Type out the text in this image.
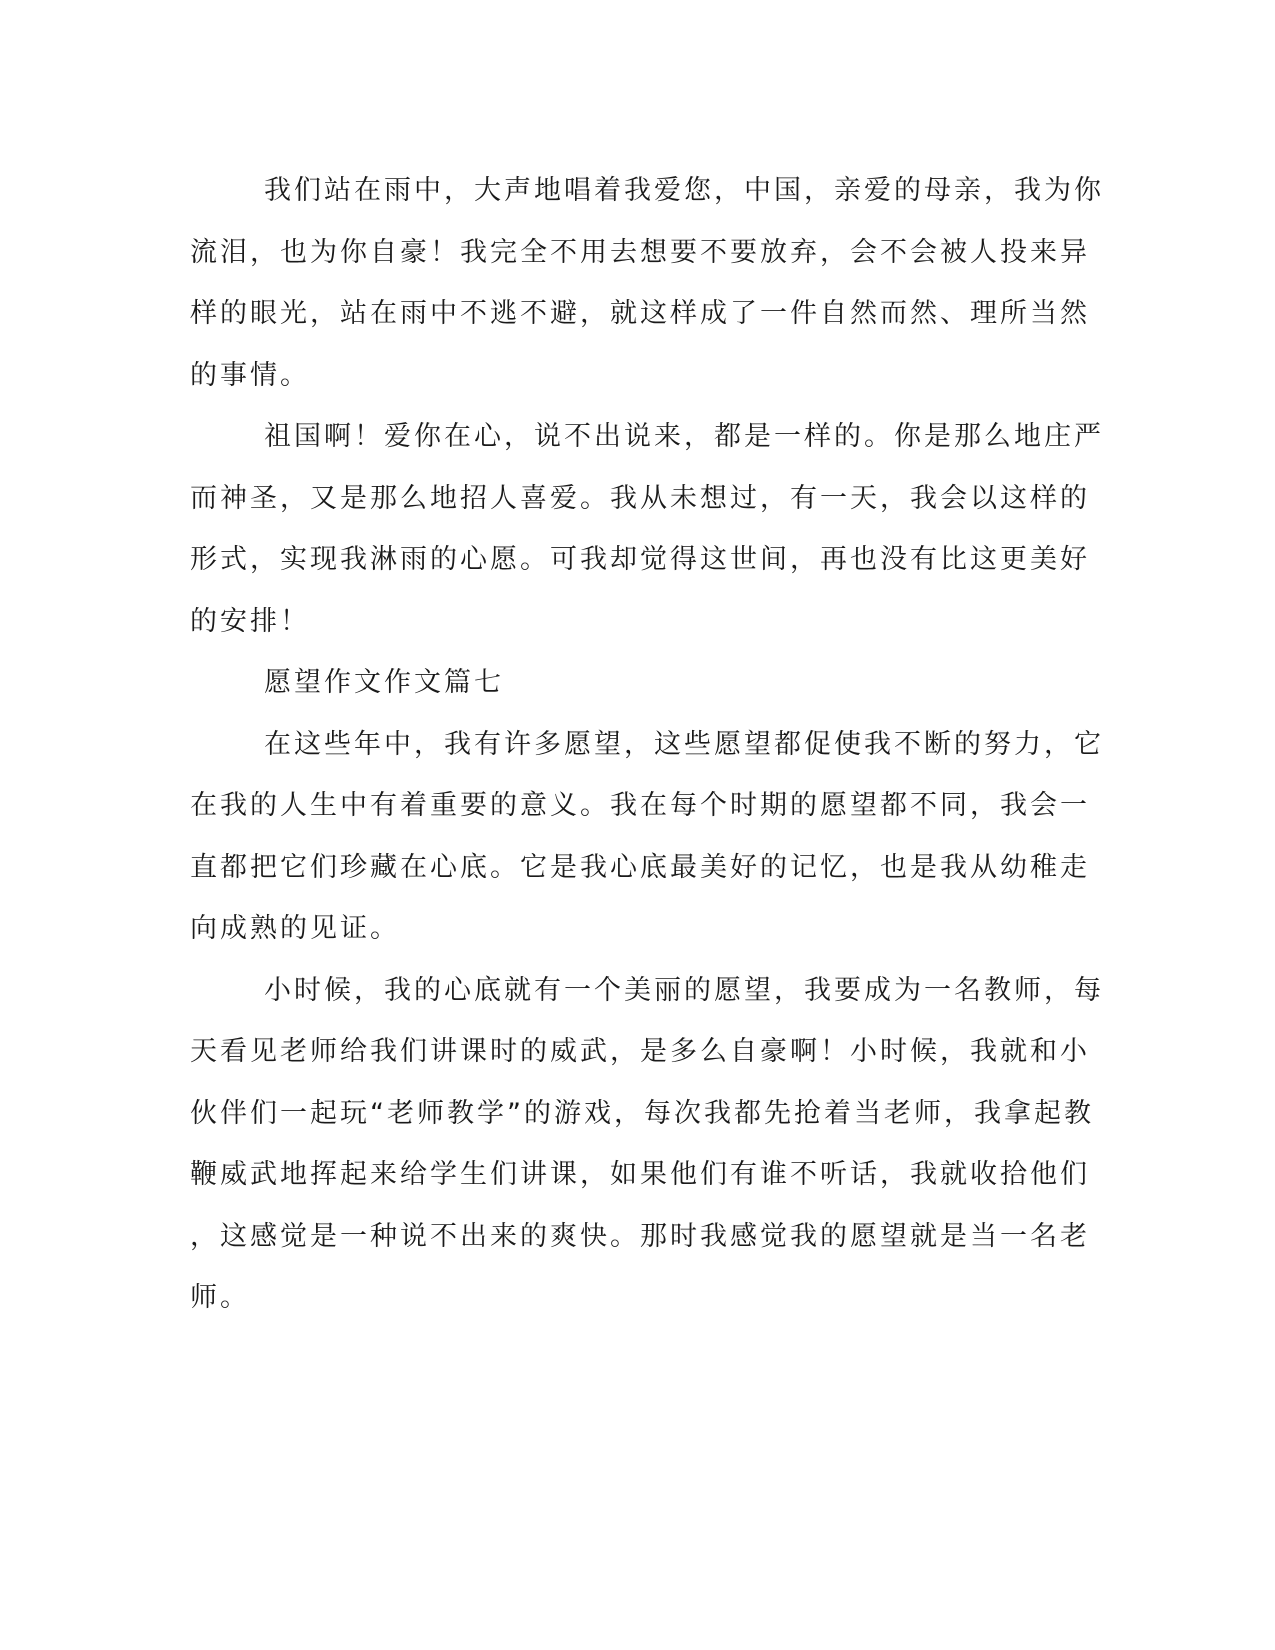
我们站在雨中，大声地唱着我爱您，中国，亲爱的母亲，我为你
流泪，也为你自豪！我完全不用去想要不要放弃，会不会被人投来异
样的眼光，站在雨中不逃不避，就这样成了一件自然而然、理所当然
的事情。
祖国啊！爱你在心，说不出说来，都是一样的。你是那么地庄严
而神圣，又是那么地招人喜爱。我从未想过，有一天，我会以这样的
形式，实现我淋雨的心愿。可我却觉得这世间，再也没有比这更美好
的安排！
愿望作文作文篇七
在这些年中，我有许多愿望，这些愿望都促使我不断的努力，它
在我的人生中有着重要的意义。我在每个时期的愿望都不同，我会一
直都把它们珍藏在心底。它是我心底最美好的记忆，也是我从幼稚走
向成熟的见证。
小时候，我的心底就有一个美丽的愿望，我要成为一名教师，每
天看见老师给我们讲课时的威武，是多么自豪啊！小时候，我就和小
伙伴们一起玩“老师教学”的游戏，每次我都先抢着当老师，我拿起教
鞭威武地挥起来给学生们讲课，如果他们有谁不听话，我就收拾他们
，这感觉是一种说不出来的爽快。那时我感觉我的愿望就是当一名老
师。
